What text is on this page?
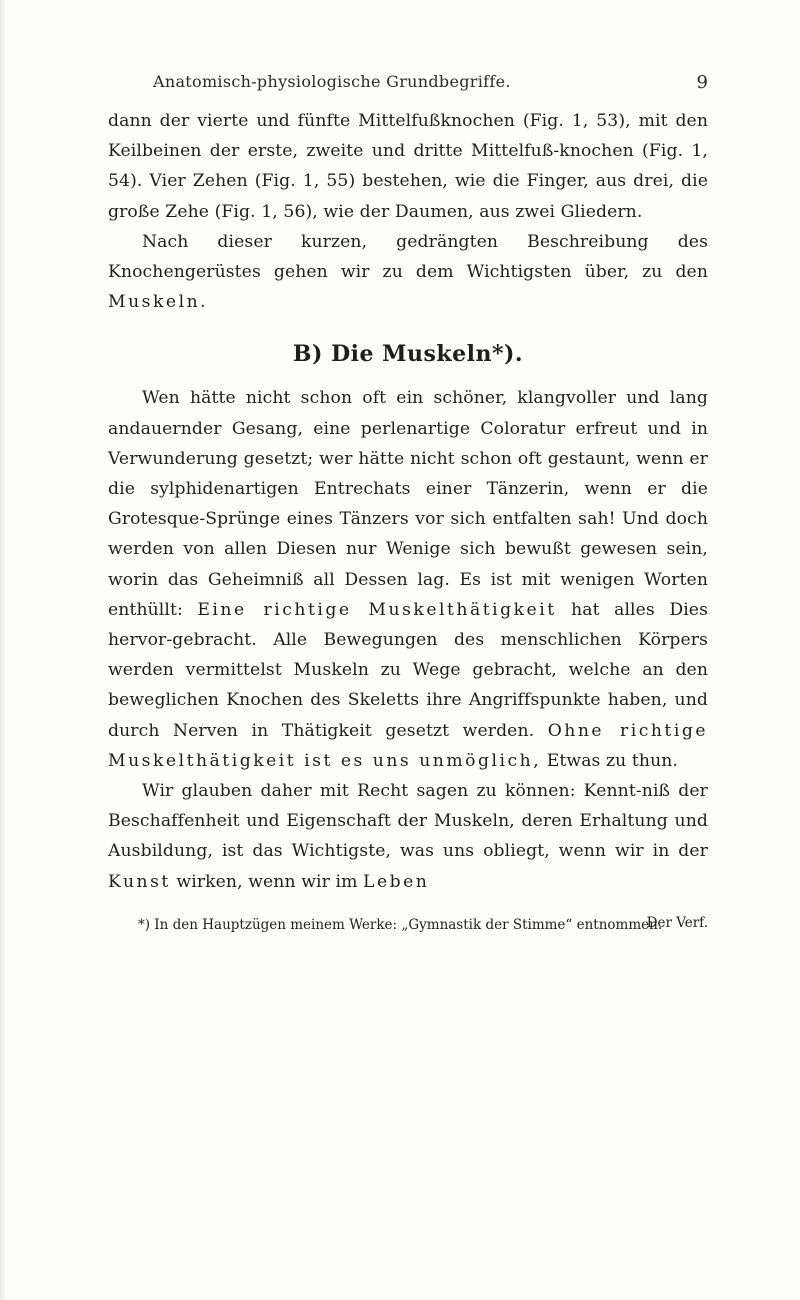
Anatomisch-physiologische Grundbegriffe.	9

dann der vierte und fünfte Mittelfußknochen (Fig. 1, 53), mit den Keilbeinen der erste, zweite und dritte Mittelfuß-knochen (Fig. 1, 54). Vier Zehen (Fig. 1, 55) bestehen, wie die Finger, aus drei, die große Zehe (Fig. 1, 56), wie der Daumen, aus zwei Gliedern.

Nach dieser kurzen, gedrängten Beschreibung des Knochengerüstes gehen wir zu dem Wichtigsten über, zu den Muskeln.

B) Die Muskeln*).

Wen hätte nicht schon oft ein schöner, klangvoller und lang andauernder Gesang, eine perlenartige Coloratur erfreut und in Verwunderung gesetzt; wer hätte nicht schon oft gestaunt, wenn er die sylphidenartigen Entrechats einer Tänzerin, wenn er die Grotesque-Sprünge eines Tänzers vor sich entfalten sah! Und doch werden von allen Diesen nur Wenige sich bewußt gewesen sein, worin das Geheimniß all Dessen lag. Es ist mit wenigen Worten enthüllt: Eine richtige Muskelthätigkeit hat alles Dies hervor-gebracht. Alle Bewegungen des menschlichen Körpers werden vermittelst Muskeln zu Wege gebracht, welche an den beweglichen Knochen des Skeletts ihre Angriffspunkte haben, und durch Nerven in Thätigkeit gesetzt werden. Ohne richtige Muskelthätigkeit ist es uns unmöglich, Etwas zu thun.

Wir glauben daher mit Recht sagen zu können: Kennt-niß der Beschaffenheit und Eigenschaft der Muskeln, deren Erhaltung und Ausbildung, ist das Wichtigste, was uns obliegt, wenn wir in der Kunst wirken, wenn wir im Leben

*) In den Hauptzügen meinem Werke: „Gymnastik der Stimme“ entnommen.
Der Verf.
